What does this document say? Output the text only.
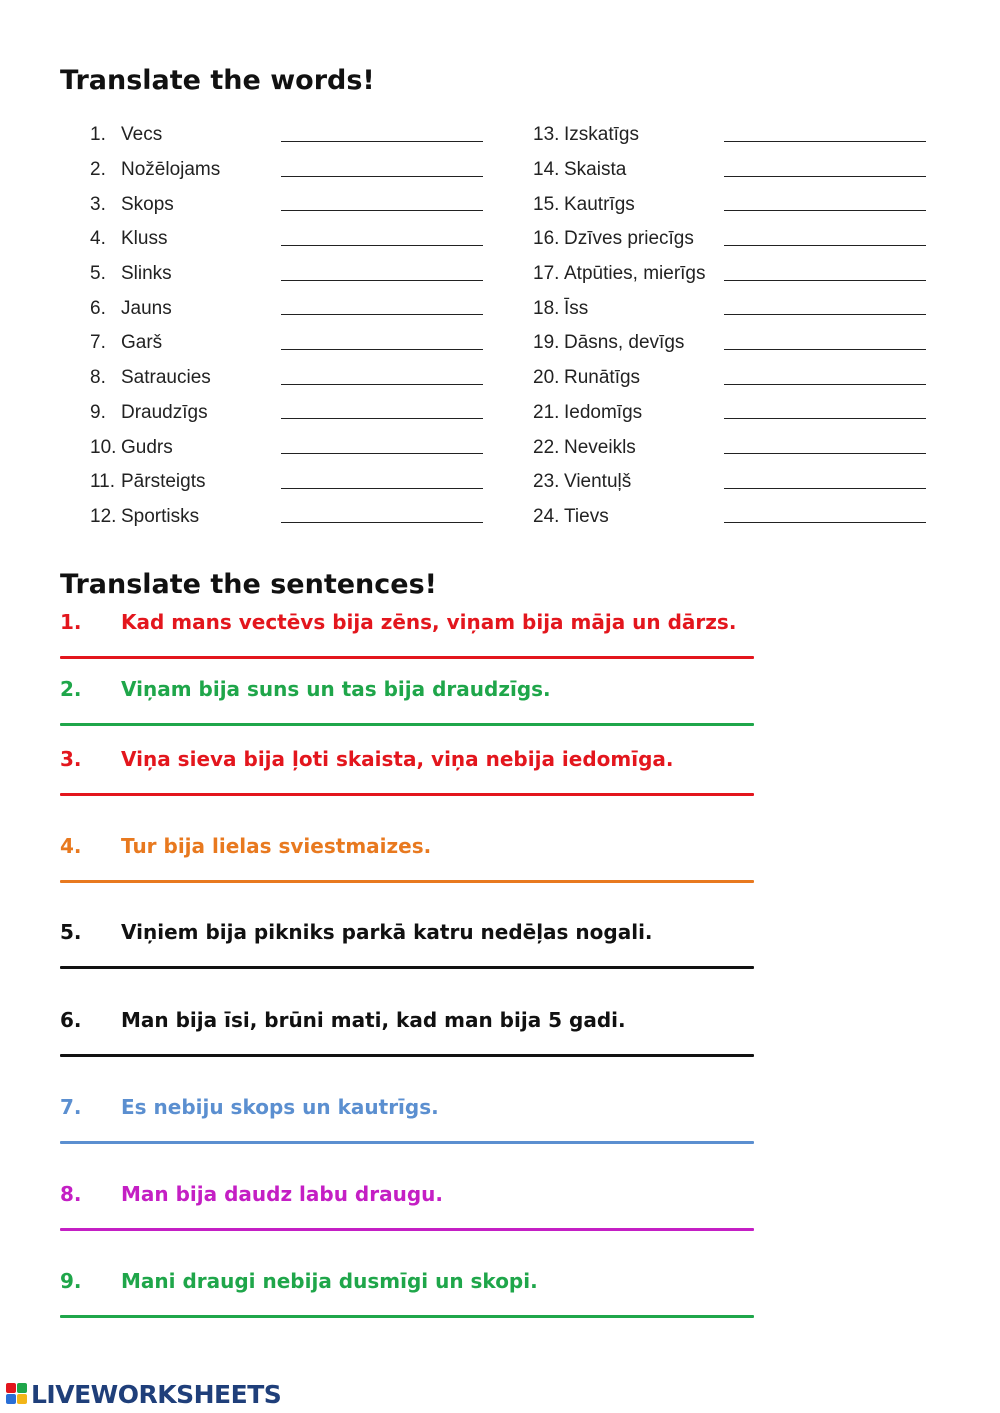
Translate the words!
1. Vecs
2. Nožēlojams
3. Skops
4. Kluss
5. Slinks
6. Jauns
7. Garš
8. Satraucies
9. Draudzīgs
10. Gudrs
11. Pārsteigts
12. Sportisks
13. Izskatīgs
14. Skaista
15. Kautrīgs
16. Dzīves priecīgs
17. Atpūties, mierīgs
18. Īss
19. Dāsns, devīgs
20. Runātīgs
21. Iedomīgs
22. Neveikls
23. Vientuļš
24. Tievs
Translate the sentences!
1.	Kad mans vectēvs bija zēns, viņam bija māja un dārzs.
2.	Viņam bija suns un tas bija draudzīgs.
3.	Viņa sieva bija ļoti skaista, viņa nebija iedomīga.
4.	Tur bija lielas sviestmaizes.
5.	Viņiem bija pikniks parkā katru nedēļas nogali.
6.	Man bija īsi, brūni mati, kad man bija 5 gadi.
7.	Es nebiju skops un kautrīgs.
8.	Man bija daudz labu draugu.
9.	Mani draugi nebija dusmīgi un skopi.
LIVEWORKSHEETS
